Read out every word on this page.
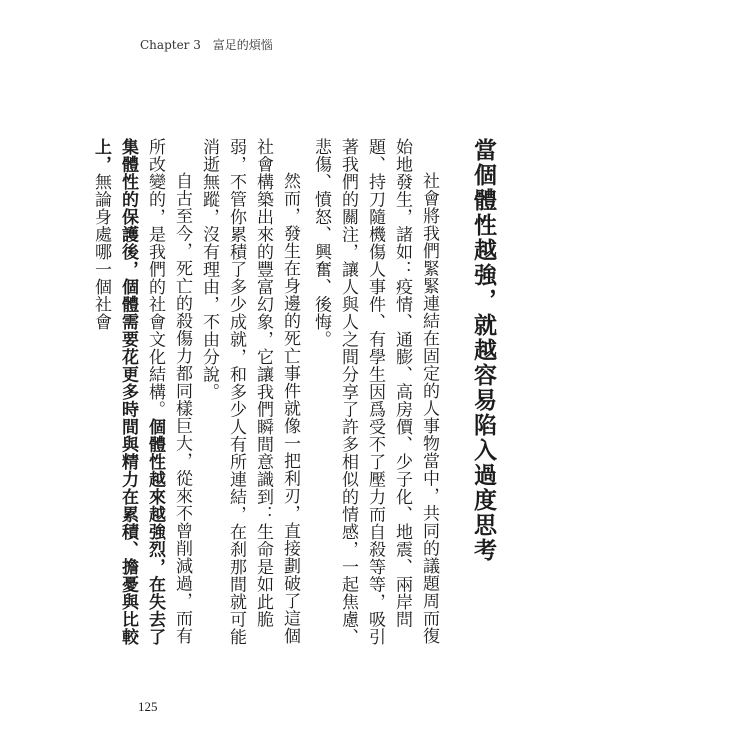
Chapter 3 富足的煩惱
當個體性越強，就越容易陷入過度思考

社會將我們緊緊連結在固定的人事物當中，共同的議題周而復始地發生，諸如：疫情、通膨、高房價、少子化、地震、兩岸問題、持刀隨機傷人事件、有學生因爲受不了壓力而自殺等等，吸引著我們的關注，讓人與人之間分享了許多相似的情感，一起焦慮、悲傷、憤怒、興奮、後悔。

然而，發生在身邊的死亡事件就像一把利刃，直接劃破了這個社會構築出來的豐富幻象，它讓我們瞬間意識到：生命是如此脆弱，不管你累積了多少成就，和多少人有所連結，在刹那間就可能消逝無蹤，沒有理由，不由分說。

自古至今，死亡的殺傷力都同樣巨大，從來不曾削減過，而有所改變的，是我們的社會文化結構。個體性越來越強烈，在失去了集體性的保護後，個體需要花更多時間與精力在累積、擔憂與比較上，無論身處哪一個社會

125
